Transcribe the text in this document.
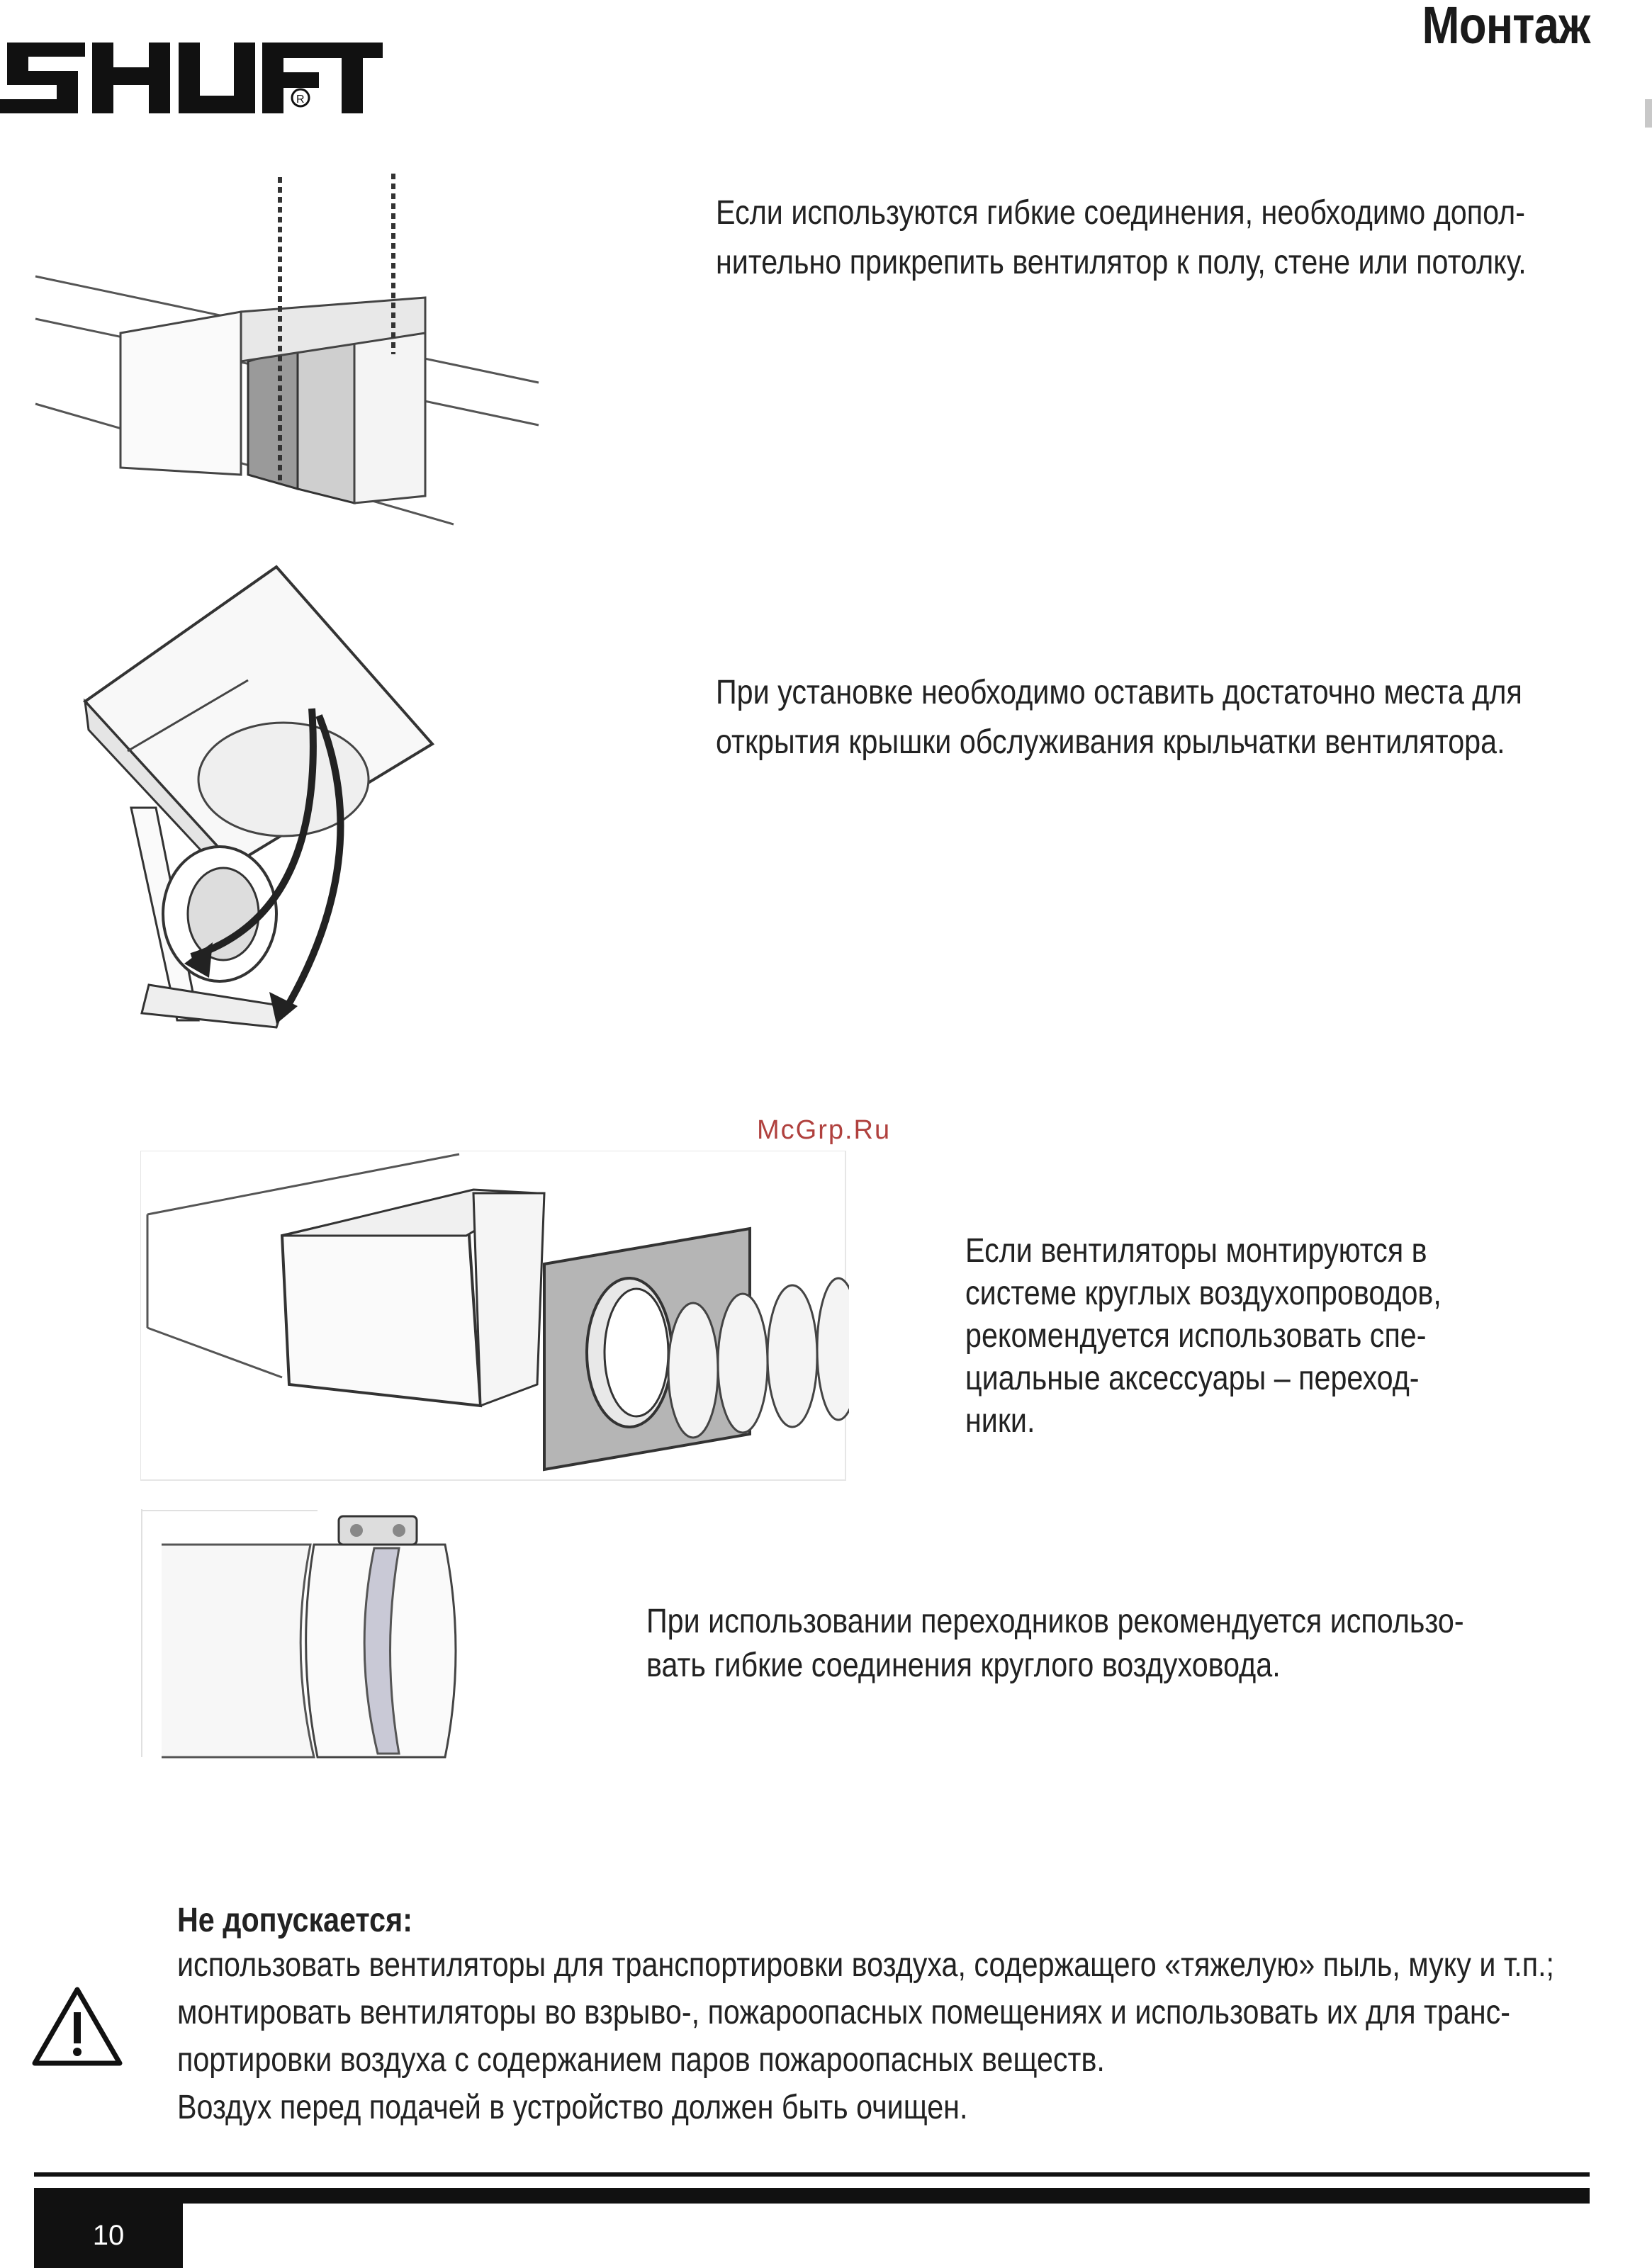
R
Монтаж
Если используются гибкие соединения, необходимо допол-
нительно прикрепить вентилятор к полу, стене или потолку.
При установке необходимо оставить достаточно места для
открытия крышки обслуживания крыльчатки вентилятора.
McGrp.Ru
Если вентиляторы монтируются в
системе круглых воздухопроводов,
рекомендуется использовать спе-
циальные аксессуары – переход-
ники.
При использовании переходников рекомендуется использо-
вать гибкие соединения круглого воздуховода.
Не допускается:
использовать вентиляторы для транспортировки воздуха, содержащего «тяжелую» пыль, муку и т.п.;
монтировать вентиляторы во взрыво-, пожароопасных помещениях и использовать их для транс-
портировки воздуха с содержанием паров пожароопасных веществ.
Воздух перед подачей в устройство должен быть очищен.
10
